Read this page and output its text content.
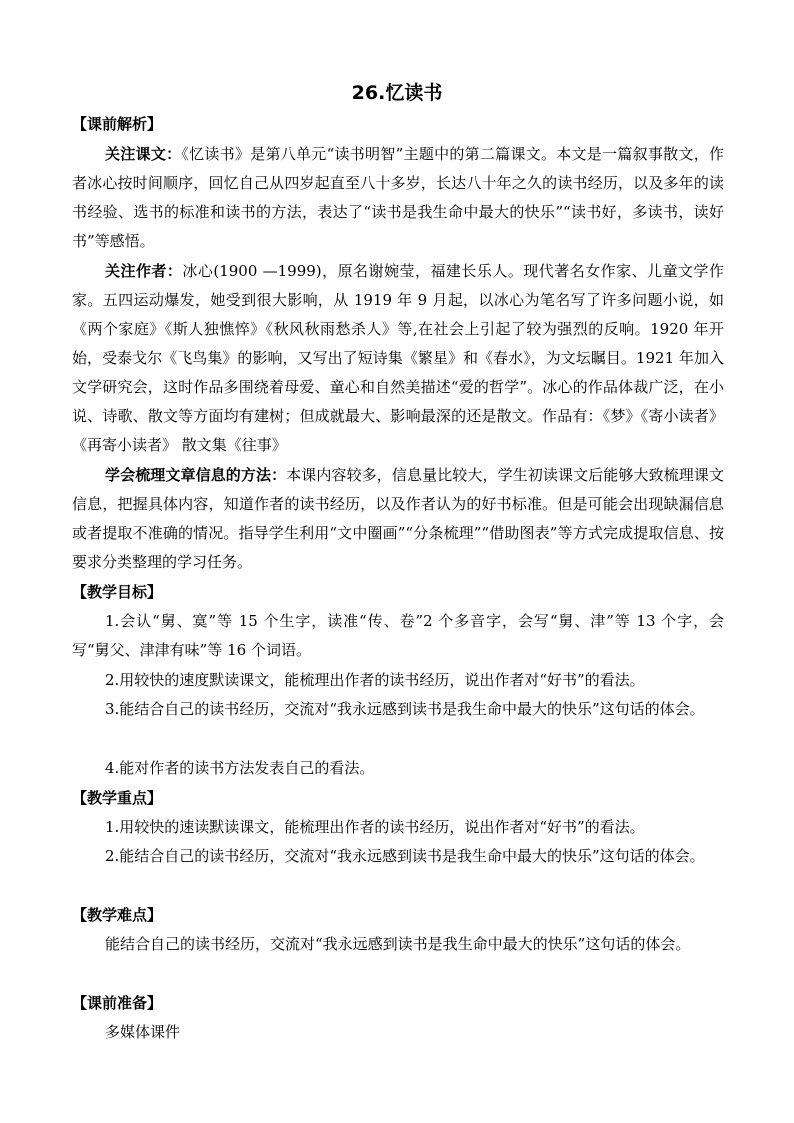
26.忆读书
【课前解析】
关注课文：《忆读书》是第八单元“读书明智”主题中的第二篇课文。本文是一篇叙事散文，作者冰心按时间顺序，回忆自己从四岁起直至八十多岁，长达八十年之久的读书经历，以及多年的读书经验、选书的标准和读书的方法，表达了“读书是我生命中最大的快乐”“读书好，多读书，读好书”等感悟。
关注作者：冰心(1900 —1999)，原名谢婉莹，福建长乐人。现代著名女作家、儿童文学作家。五四运动爆发，她受到很大影响，从 1919 年 9 月起，以冰心为笔名写了许多问题小说，如《两个家庭》《斯人独憔悴》《秋风秋雨愁杀人》等,在社会上引起了较为强烈的反响。1920 年开始，受泰戈尔《飞鸟集》的影响，又写出了短诗集《繁星》和《春水》，为文坛瞩目。1921 年加入文学研究会，这时作品多围绕着母爱、童心和自然美描述“爱的哲学”。冰心的作品体裁广泛，在小说、诗歌、散文等方面均有建树；但成就最大、影响最深的还是散文。作品有：《梦》《寄小读者》《再寄小读者》 散文集《往事》
学会梳理文章信息的方法：本课内容较多，信息量比较大，学生初读课文后能够大致梳理课文信息，把握具体内容，知道作者的读书经历，以及作者认为的好书标准。但是可能会出现缺漏信息或者提取不准确的情况。指导学生利用“文中圈画”“分条梳理”“借助图表”等方式完成提取信息、按要求分类整理的学习任务。
【教学目标】
1.会认“舅、寞”等 15 个生字，读准“传、卷”2 个多音字，会写“舅、津”等 13 个字，会写“舅父、津津有味”等 16 个词语。
2.用较快的速度默读课文，能梳理出作者的读书经历，说出作者对“好书”的看法。
3.能结合自己的读书经历，交流对“我永远感到读书是我生命中最大的快乐”这句话的体会。
4.能对作者的读书方法发表自己的看法。
【教学重点】
1.用较快的速读默读课文，能梳理出作者的读书经历，说出作者对“好书”的看法。
2.能结合自己的读书经历，交流对“我永远感到读书是我生命中最大的快乐”这句话的体会。
【教学难点】
能结合自己的读书经历，交流对“我永远感到读书是我生命中最大的快乐”这句话的体会。
【课前准备】
多媒体课件
